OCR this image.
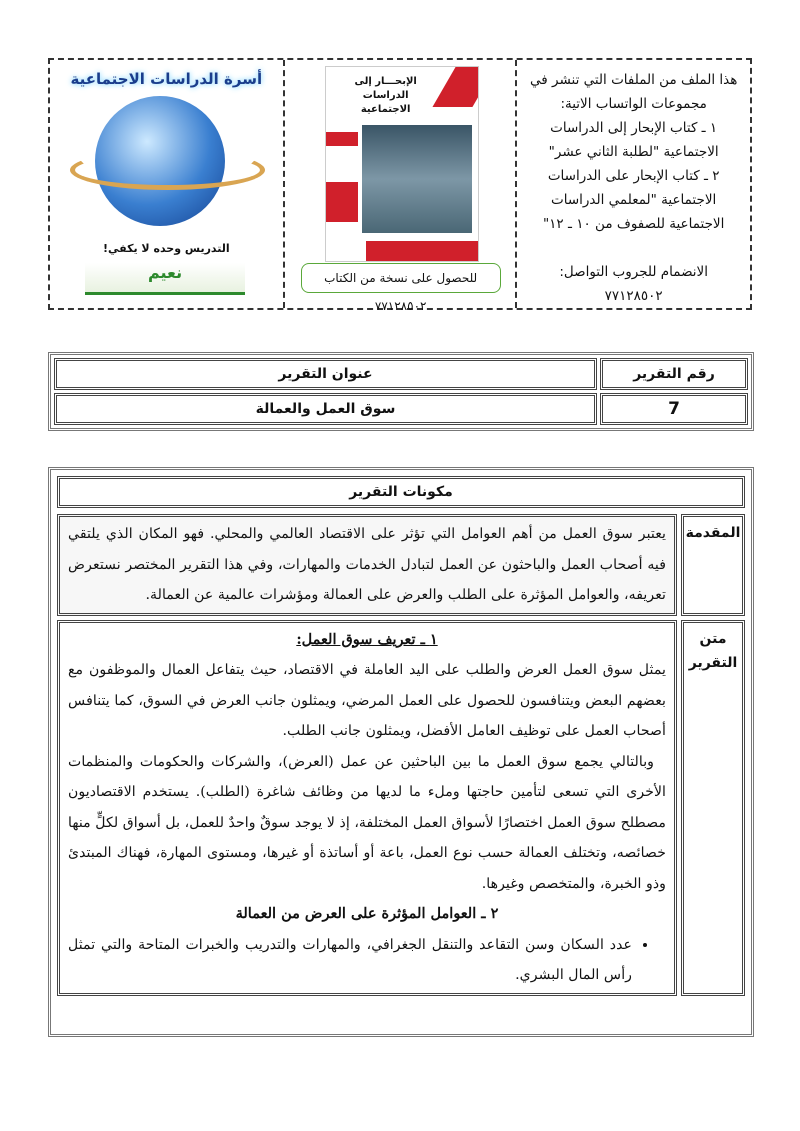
هذا الملف من الملفات التي تنشر في
مجموعات الواتساب الاتية:
١ ـ كتاب الإبحار إلى الدراسات
الاجتماعية "لطلبة الثاني عشر"
٢ ـ كتاب الإبحار على الدراسات
الاجتماعية "لمعلمي الدراسات
الاجتماعية للصفوف من ١٠ ـ ١٢"
الانضمام للجروب التواصل:
٧٧١٢٨٥٠٢
الإبحـــار إلى الدراسات الاجتماعية
للحصول على نسخة من الكتاب ٧٧١٢٨٥٠٢
أسرة الدراسات الاجتماعية
التدريس وحده لا يكفي!
نعيم
رقم التقرير	عنوان التقرير
7	سوق العمل والعمالة
مكونات التقرير
المقدمة
يعتبر سوق العمل من أهم العوامل التي تؤثر على الاقتصاد العالمي والمحلي. فهو المكان الذي يلتقي فيه أصحاب العمل والباحثون عن العمل لتبادل الخدمات والمهارات، وفي هذا التقرير المختصر نستعرض تعريفه، والعوامل المؤثرة على الطلب والعرض على العمالة ومؤشرات عالمية عن العمالة.
متن التقرير
١ ـ تعريف سوق العمل:

يمثل سوق العمل العرض والطلب على اليد العاملة في الاقتصاد، حيث يتفاعل العمال والموظفون مع بعضهم البعض ويتنافسون للحصول على العمل المرضي، ويمثلون جانب العرض في السوق، كما يتنافس أصحاب العمل على توظيف العامل الأفضل، ويمثلون جانب الطلب.

وبالتالي يجمع سوق العمل ما بين الباحثين عن عمل (العرض)، والشركات والحكومات والمنظمات الأخرى التي تسعى لتأمين حاجتها وملء ما لديها من وظائف شاغرة (الطلب). يستخدم الاقتصاديون مصطلح سوق العمل اختصارًا لأسواق العمل المختلفة، إذ لا يوجد سوقٌ واحدٌ للعمل، بل أسواق لكلٍّ منها خصائصه، وتختلف العمالة حسب نوع العمل، باعة أو أساتذة أو غيرها، ومستوى المهارة، فهناك المبتدئ وذو الخبرة، والمتخصص وغيرها.

٢ ـ العوامل المؤثرة على العرض من العمالة
• عدد السكان وسن التقاعد والتنقل الجغرافي، والمهارات والتدريب والخبرات المتاحة والتي تمثل رأس المال البشري.
